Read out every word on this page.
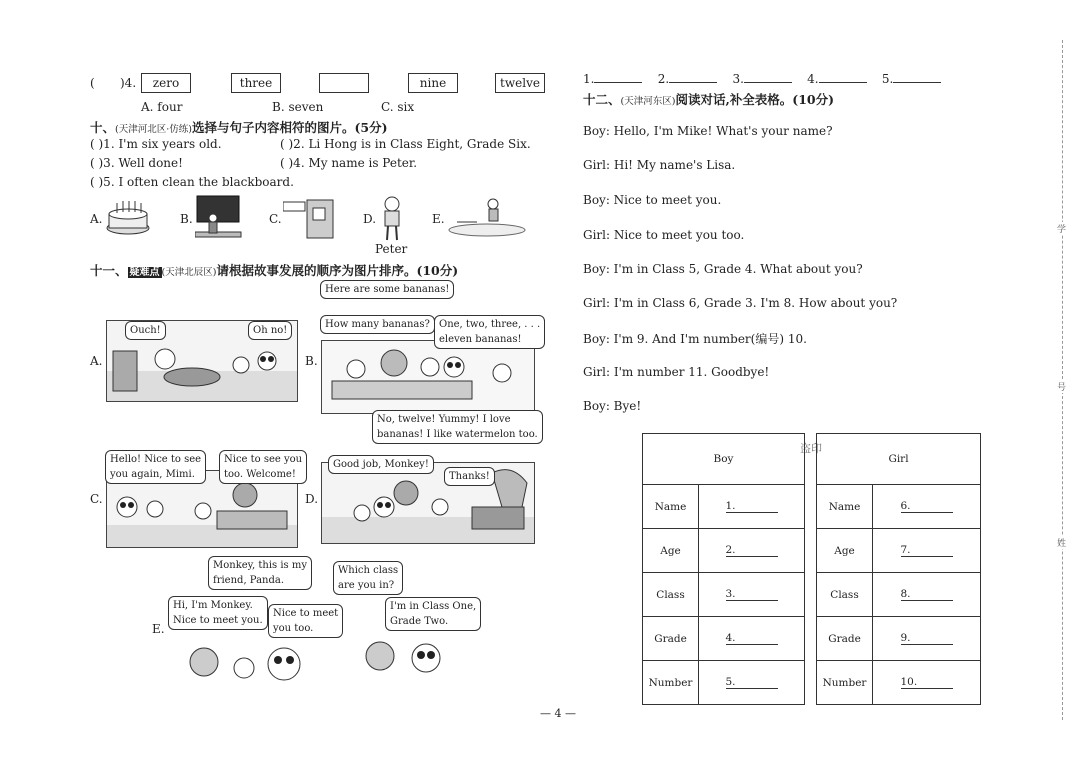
( )4.	zero	three	nine	twelve
A. four	B. seven	C. six
十、(天津河北区·仿练)选择与句子内容相符的图片。(5分)
( )1. I'm six years old.	( )2. Li Hong is in Class Eight, Grade Six.
( )3. Well done!	( )4. My name is Peter.
( )5. I often clean the blackboard.
A.	B.	C.	D.
Peter
E.
十一、 疑难点 (天津北辰区)请根据故事发展的顺序为图片排序。(10分)
A.
Ouch!	Oh no!
B.
Here are some bananas!
How many bananas? One, two, three, . . .
eleven bananas!
No, twelve! Yummy! I love
bananas! I like watermelon too.
C.
Hello! Nice to see
you again, Mimi.
Nice to see you
too. Welcome!
D.
Good job, Monkey!
Thanks!
E.
Monkey, this is my
friend, Panda.
Hi, I'm Monkey.
Nice to meet you.
Nice to meet
you too.
Which class
are you in?
I'm in Class One,
Grade Two.
1.	2.	3.	4.	5.
十二、(天津河东区)阅读对话,补全表格。(10分)
Boy: Hello, I'm Mike! What's your name?
Girl: Hi! My name's Lisa.
Boy: Nice to meet you.
Girl: Nice to meet you too.
Boy: I'm in Class 5, Grade 4. What about you?
Girl: I'm in Class 6, Grade 3. I'm 8. How about you?
Boy: I'm 9. And I'm number(编号) 10.
Girl: I'm number 11. Goodbye!
Boy: Bye!
盗印
Boy	
Name	1.
Age	2.
Class	3.
Grade	4.
Number	5.
Girl	
Name	6.
Age	7.
Class	8.
Grade	9.
Number	10.
— 4 —
学
号
姓
